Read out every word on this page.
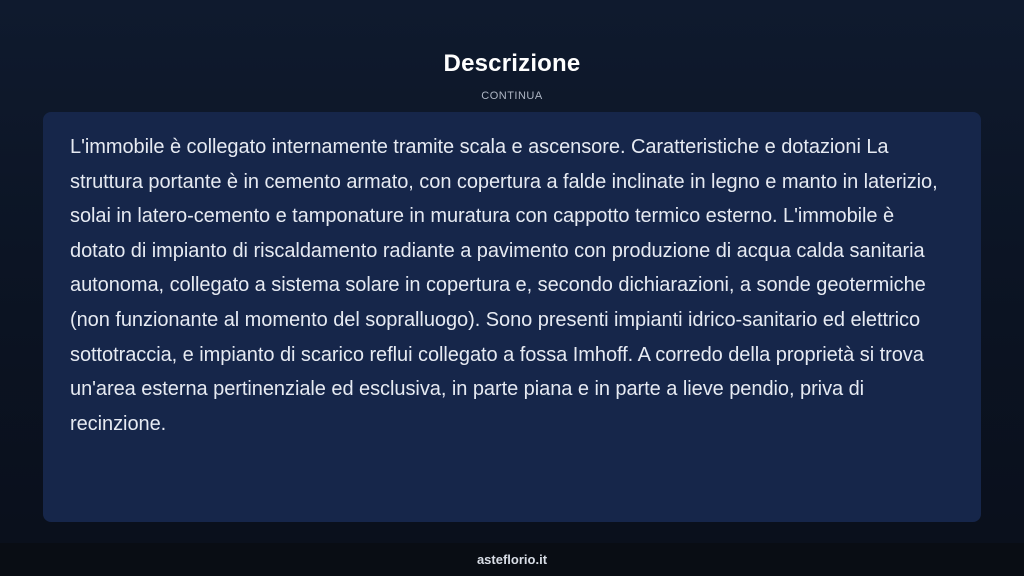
Descrizione
CONTINUA

L'immobile è collegato internamente tramite scala e ascensore. Caratteristiche e dotazioni La struttura portante è in cemento armato, con copertura a falde inclinate in legno e manto in laterizio, solai in latero-cemento e tamponature in muratura con cappotto termico esterno. L'immobile è dotato di impianto di riscaldamento radiante a pavimento con produzione di acqua calda sanitaria autonoma, collegato a sistema solare in copertura e, secondo dichiarazioni, a sonde geotermiche (non funzionante al momento del sopralluogo). Sono presenti impianti idrico-sanitario ed elettrico sottotraccia, e impianto di scarico reflui collegato a fossa Imhoff. A corredo della proprietà si trova un'area esterna pertinenziale ed esclusiva, in parte piana e in parte a lieve pendio, priva di recinzione.

asteflorio.it
